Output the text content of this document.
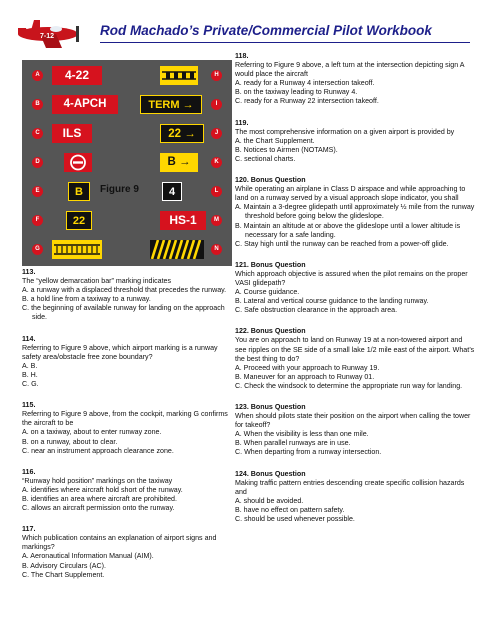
7-12	Rod Machado’s Private/Commercial Pilot Workbook
A	4-22	H
B	4-APCH	TERM →	I
C	ILS	22 →	J
D	B →	K
E	B	Figure 9	4	L
F	22	HS-1	M
G	N
113.
The “yellow demarcation bar” marking indicates
A. a runway with a displaced threshold that precedes the runway.
B. a hold line from a taxiway to a runway.
C. the beginning of available runway for landing on the approach side.
114.
Referring to Figure 9 above, which airport marking is a runway safety area/obstacle free zone boundary?
A. B.
B. H.
C. G.
115.
Referring to Figure 9 above, from the cockpit, marking G confirms the aircraft to be
A. on a taxiway, about to enter runway zone.
B. on a runway, about to clear.
C. near an instrument approach clearance zone.
116.
“Runway hold position” markings on the taxiway
A. identifies where aircraft hold short of the runway.
B. identifies an area where aircraft are prohibited.
C. allows an aircraft permission onto the runway.
117.
Which publication contains an explanation of airport signs and markings?
A. Aeronautical Information Manual (AIM).
B. Advisory Circulars (AC).
C. The Chart Supplement.
118.
Referring to Figure 9 above, a left turn at the intersection depicting sign A would place the aircraft
A. ready for a Runway 4 intersection takeoff.
B. on the taxiway leading to Runway 4.
C. ready for a Runway 22 intersection takeoff.
119.
The most comprehensive information on a given airport is provided by
A. the Chart Supplement.
B. Notices to Airmen (NOTAMS).
C. sectional charts.
120. Bonus Question
While operating an airplane in Class D airspace and while approaching to land on a runway served by a visual approach slope indicator, you shall
A. Maintain a 3-degree glidepath until approximately ½ mile from the runway threshold before going below the glideslope.
B. Maintain an altitude at or above the glideslope until a lower altitude is necessary for a safe landing.
C. Stay high until the runway can be reached from a power-off glide.
121. Bonus Question
Which approach objective is assured when the pilot remains on the proper VASI glidepath?
A. Course guidance.
B. Lateral and vertical course guidance to the landing runway.
C. Safe obstruction clearance in the approach area.
122. Bonus Question
You are on approach to land on Runway 19 at a non-towered airport and see ripples on the SE side of a small lake 1/2 mile east of the airport. What’s the best thing to do?
A. Proceed with your approach to Runway 19.
B. Maneuver for an approach to Runway 01.
C. Check the windsock to determine the appropriate run way for landing.
123. Bonus Question
When should pilots state their position on the airport when calling the tower for takeoff?
A. When the visibility is less than one mile.
B. When parallel runways are in use.
C. When departing from a runway intersection.
124. Bonus Question
Making traffic pattern entries descending create specific collision hazards and
A. should be avoided.
B. have no effect on pattern safety.
C. should be used whenever possible.
